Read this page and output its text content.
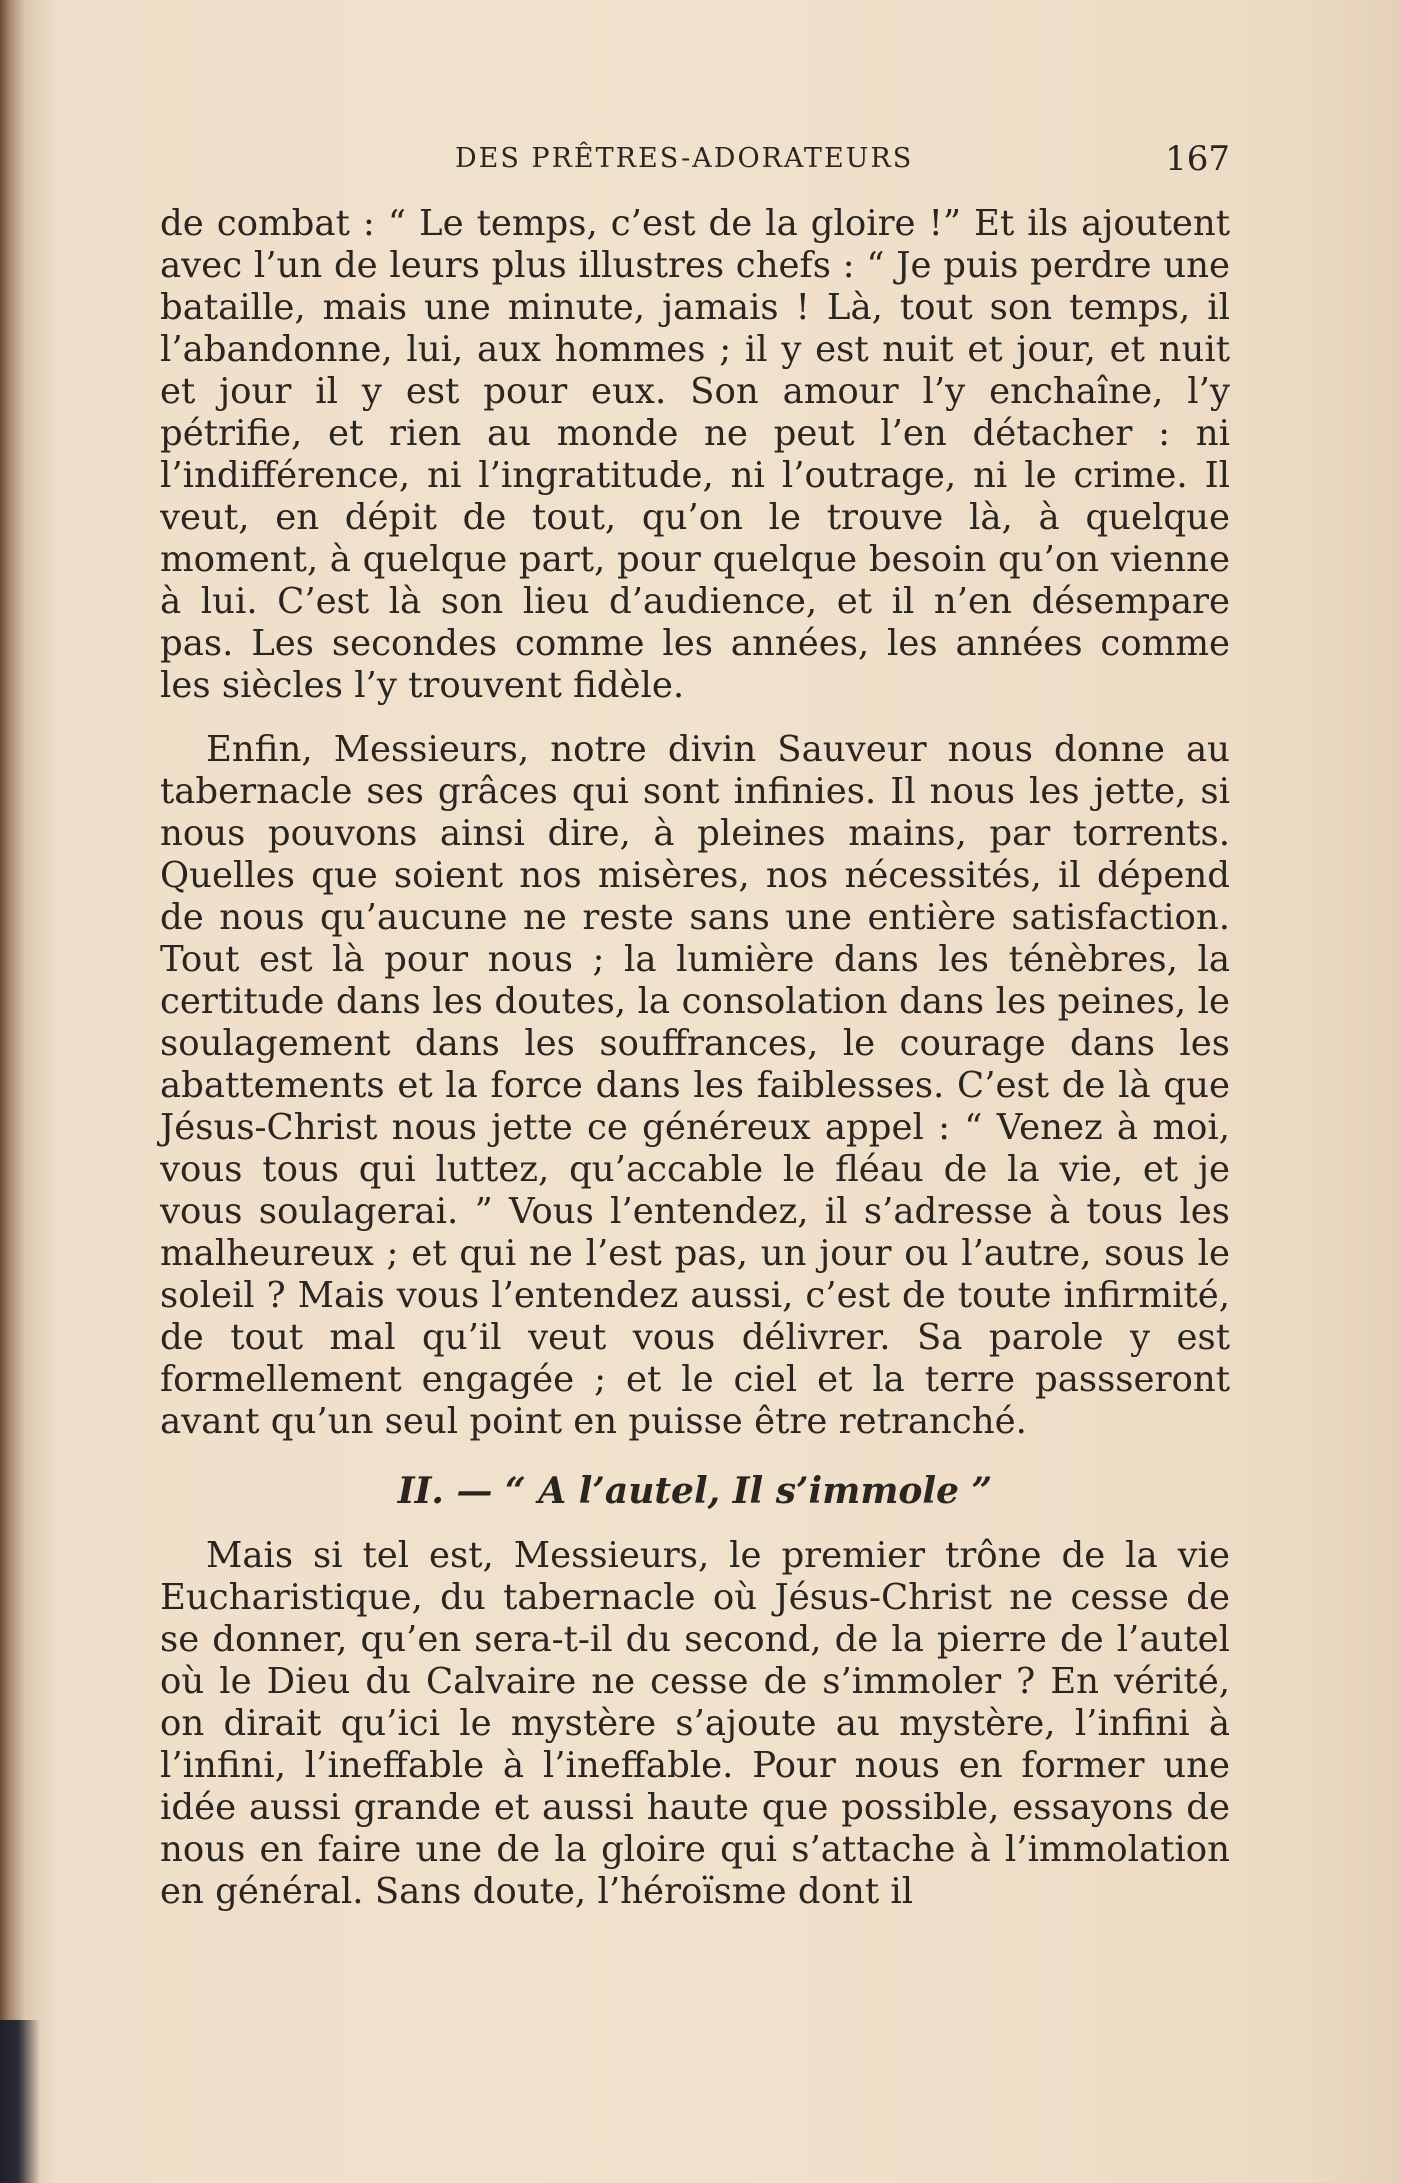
DES PRÊTRES-ADORATEURS	167

de combat : “ Le temps, c’est de la gloire !” Et ils ajoutent avec l’un de leurs plus illustres chefs : “ Je puis perdre une bataille, mais une minute, jamais ! Là, tout son temps, il l’abandonne, lui, aux hommes ; il y est nuit et jour, et nuit et jour il y est pour eux. Son amour l’y enchaîne, l’y pétrifie, et rien au monde ne peut l’en détacher : ni l’indifférence, ni l’ingratitude, ni l’outrage, ni le crime. Il veut, en dépit de tout, qu’on le trouve là, à quelque moment, à quelque part, pour quelque besoin qu’on vienne à lui. C’est là son lieu d’audience, et il n’en désempare pas. Les secondes comme les années, les années comme les siècles l’y trouvent fidèle.

Enfin, Messieurs, notre divin Sauveur nous donne au tabernacle ses grâces qui sont infinies. Il nous les jette, si nous pouvons ainsi dire, à pleines mains, par torrents. Quelles que soient nos misères, nos nécessités, il dépend de nous qu’aucune ne reste sans une entière satisfaction. Tout est là pour nous ; la lumière dans les ténèbres, la certitude dans les doutes, la consolation dans les peines, le soulagement dans les souffrances, le courage dans les abattements et la force dans les faiblesses. C’est de là que Jésus-Christ nous jette ce généreux appel : “ Venez à moi, vous tous qui luttez, qu’accable le fléau de la vie, et je vous soulagerai. ” Vous l’entendez, il s’adresse à tous les malheureux ; et qui ne l’est pas, un jour ou l’autre, sous le soleil ? Mais vous l’entendez aussi, c’est de toute infirmité, de tout mal qu’il veut vous délivrer. Sa parole y est formellement engagée ; et le ciel et la terre passseront avant qu’un seul point en puisse être retranché.

II. — “ A l’autel, Il s’immole ”

Mais si tel est, Messieurs, le premier trône de la vie Eucharistique, du tabernacle où Jésus-Christ ne cesse de se donner, qu’en sera-t-il du second, de la pierre de l’autel où le Dieu du Calvaire ne cesse de s’immoler ? En vérité, on dirait qu’ici le mystère s’ajoute au mystère, l’infini à l’infini, l’ineffable à l’ineffable. Pour nous en former une idée aussi grande et aussi haute que possible, essayons de nous en faire une de la gloire qui s’attache à l’immolation en général. Sans doute, l’héroïsme dont il
